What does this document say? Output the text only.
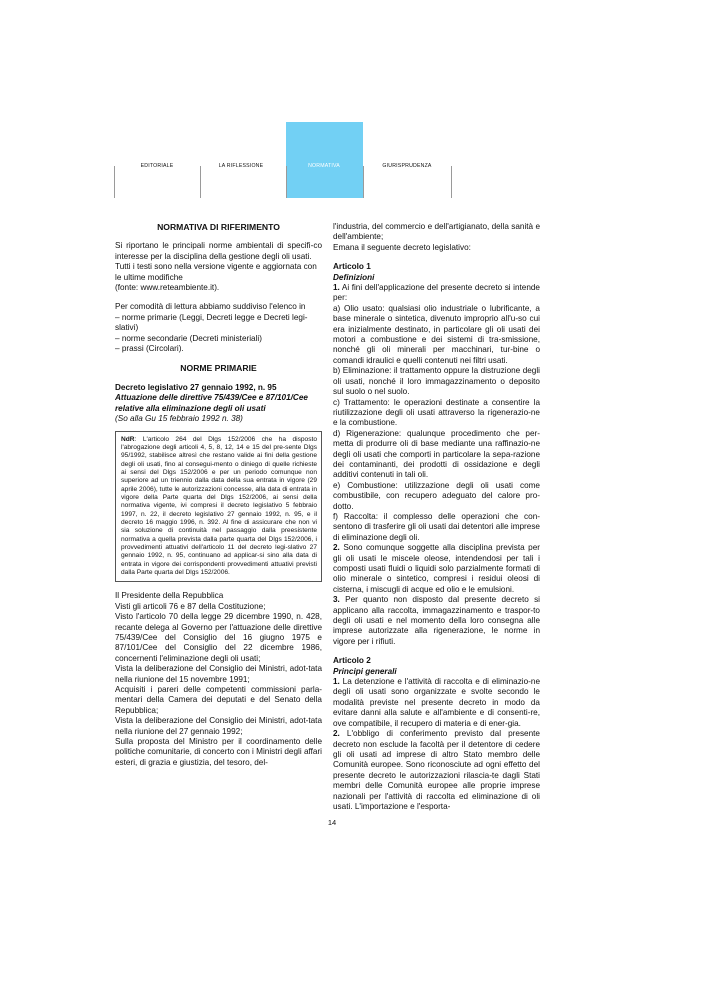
EDITORIALE	LA RIFLESSIONE	NORMATIVA	GIURISPRUDENZA

NORMATIVA DI RIFERIMENTO

Si riportano le principali norme ambientali di specifi-co interesse per la disciplina della gestione degli oli usati.

Tutti i testi sono nella versione vigente e aggiornata con le ultime modifiche

(fonte: www.reteambiente.it).

Per comodità di lettura abbiamo suddiviso l'elenco in

– norme primarie (Leggi, Decreti legge e Decreti legi-slativi)

– norme secondarie (Decreti ministeriali)

– prassi (Circolari).

NORME PRIMARIE

Decreto legislativo 27 gennaio 1992, n. 95

Attuazione delle direttive 75/439/Cee e 87/101/Cee relative alla eliminazione degli oli usati

(So alla Gu 15 febbraio 1992 n. 38)

NdR: L'articolo 264 del Dlgs 152/2006 che ha disposto l'abrogazione degli articoli 4, 5, 8, 12, 14 e 15 del pre-sente Dlgs 95/1992, stabilisce altresì che restano valide ai fini della gestione degli oli usati, fino al consegui-mento o diniego di quelle richieste ai sensi del Dlgs 152/2006 e per un periodo comunque non superiore ad un triennio dalla data della sua entrata in vigore (29 aprile 2006), tutte le autorizzazioni concesse, alla data di entrata in vigore della Parte quarta del Dlgs 152/2006, ai sensi della normativa vigente, ivi compresi il decreto legislativo 5 febbraio 1997, n. 22, il decreto legislativo 27 gennaio 1992, n. 95, e il decreto 16 maggio 1996, n. 392. Al fine di assicurare che non vi sia soluzione di continuità nel passaggio dalla preesistente normativa a quella prevista dalla parte quarta del Dlgs 152/2006, i provvedimenti attuativi dell'articolo 11 del decreto legi-slativo 27 gennaio 1992, n. 95, continuano ad applicar-si sino alla data di entrata in vigore dei corrispondenti provvedimenti attuativi previsti dalla Parte quarta del Dlgs 152/2006.

Il Presidente della Repubblica

Visti gli articoli 76 e 87 della Costituzione;

Visto l'articolo 70 della legge 29 dicembre 1990, n. 428, recante delega al Governo per l'attuazione delle direttive 75/439/Cee del Consiglio del 16 giugno 1975 e 87/101/Cee del Consiglio del 22 dicembre 1986, concernenti l'eliminazione degli oli usati;

Vista la deliberazione del Consiglio dei Ministri, adot-tata nella riunione del 15 novembre 1991;

Acquisiti i pareri delle competenti commissioni parla-mentari della Camera dei deputati e del Senato della Repubblica;

Vista la deliberazione del Consiglio dei Ministri, adot-tata nella riunione del 27 gennaio 1992;

Sulla proposta del Ministro per il coordinamento delle politiche comunitarie, di concerto con i Ministri degli affari esteri, di grazia e giustizia, del tesoro, del-

l'industria, del commercio e dell'artigianato, della sanità e dell'ambiente;

Emana il seguente decreto legislativo:

Articolo 1

Definizioni

1. Ai fini dell'applicazione del presente decreto si intende per:

a) Olio usato: qualsiasi olio industriale o lubrificante, a base minerale o sintetica, divenuto improprio all'u-so cui era inizialmente destinato, in particolare gli oli usati dei motori a combustione e dei sistemi di tra-smissione, nonché gli oli minerali per macchinari, tur-bine o comandi idraulici e quelli contenuti nei filtri usati.

b) Eliminazione: il trattamento oppure la distruzione degli oli usati, nonché il loro immagazzinamento o deposito sul suolo o nel suolo.

c) Trattamento: le operazioni destinate a consentire la riutilizzazione degli oli usati attraverso la rigenerazio-ne e la combustione.

d) Rigenerazione: qualunque procedimento che per-metta di produrre oli di base mediante una raffinazio-ne degli oli usati che comporti in particolare la sepa-razione dei contaminanti, dei prodotti di ossidazione e degli additivi contenuti in tali oli.

e) Combustione: utilizzazione degli oli usati come combustibile, con recupero adeguato del calore pro-dotto.

f) Raccolta: il complesso delle operazioni che con-sentono di trasferire gli oli usati dai detentori alle imprese di eliminazione degli oli.

2. Sono comunque soggette alla disciplina prevista per gli oli usati le miscele oleose, intendendosi per tali i composti usati fluidi o liquidi solo parzialmente formati di olio minerale o sintetico, compresi i residui oleosi di cisterna, i miscugli di acque ed olio e le emulsioni.

3. Per quanto non disposto dal presente decreto si applicano alla raccolta, immagazzinamento e traspor-to degli oli usati e nel momento della loro consegna alle imprese autorizzate alla rigenerazione, le norme in vigore per i rifiuti.

Articolo 2

Principi generali

1. La detenzione e l'attività di raccolta e di eliminazio-ne degli oli usati sono organizzate e svolte secondo le modalità previste nel presente decreto in modo da evitare danni alla salute e all'ambiente e di consenti-re, ove compatibile, il recupero di materia e di ener-gia.

2. L'obbligo di conferimento previsto dal presente decreto non esclude la facoltà per il detentore di cedere gli oli usati ad imprese di altro Stato membro delle Comunità europee. Sono riconosciute ad ogni effetto del presente decreto le autorizzazioni rilascia-te dagli Stati membri delle Comunità europee alle proprie imprese nazionali per l'attività di raccolta ed eliminazione di oli usati. L'importazione e l'esporta-

14
